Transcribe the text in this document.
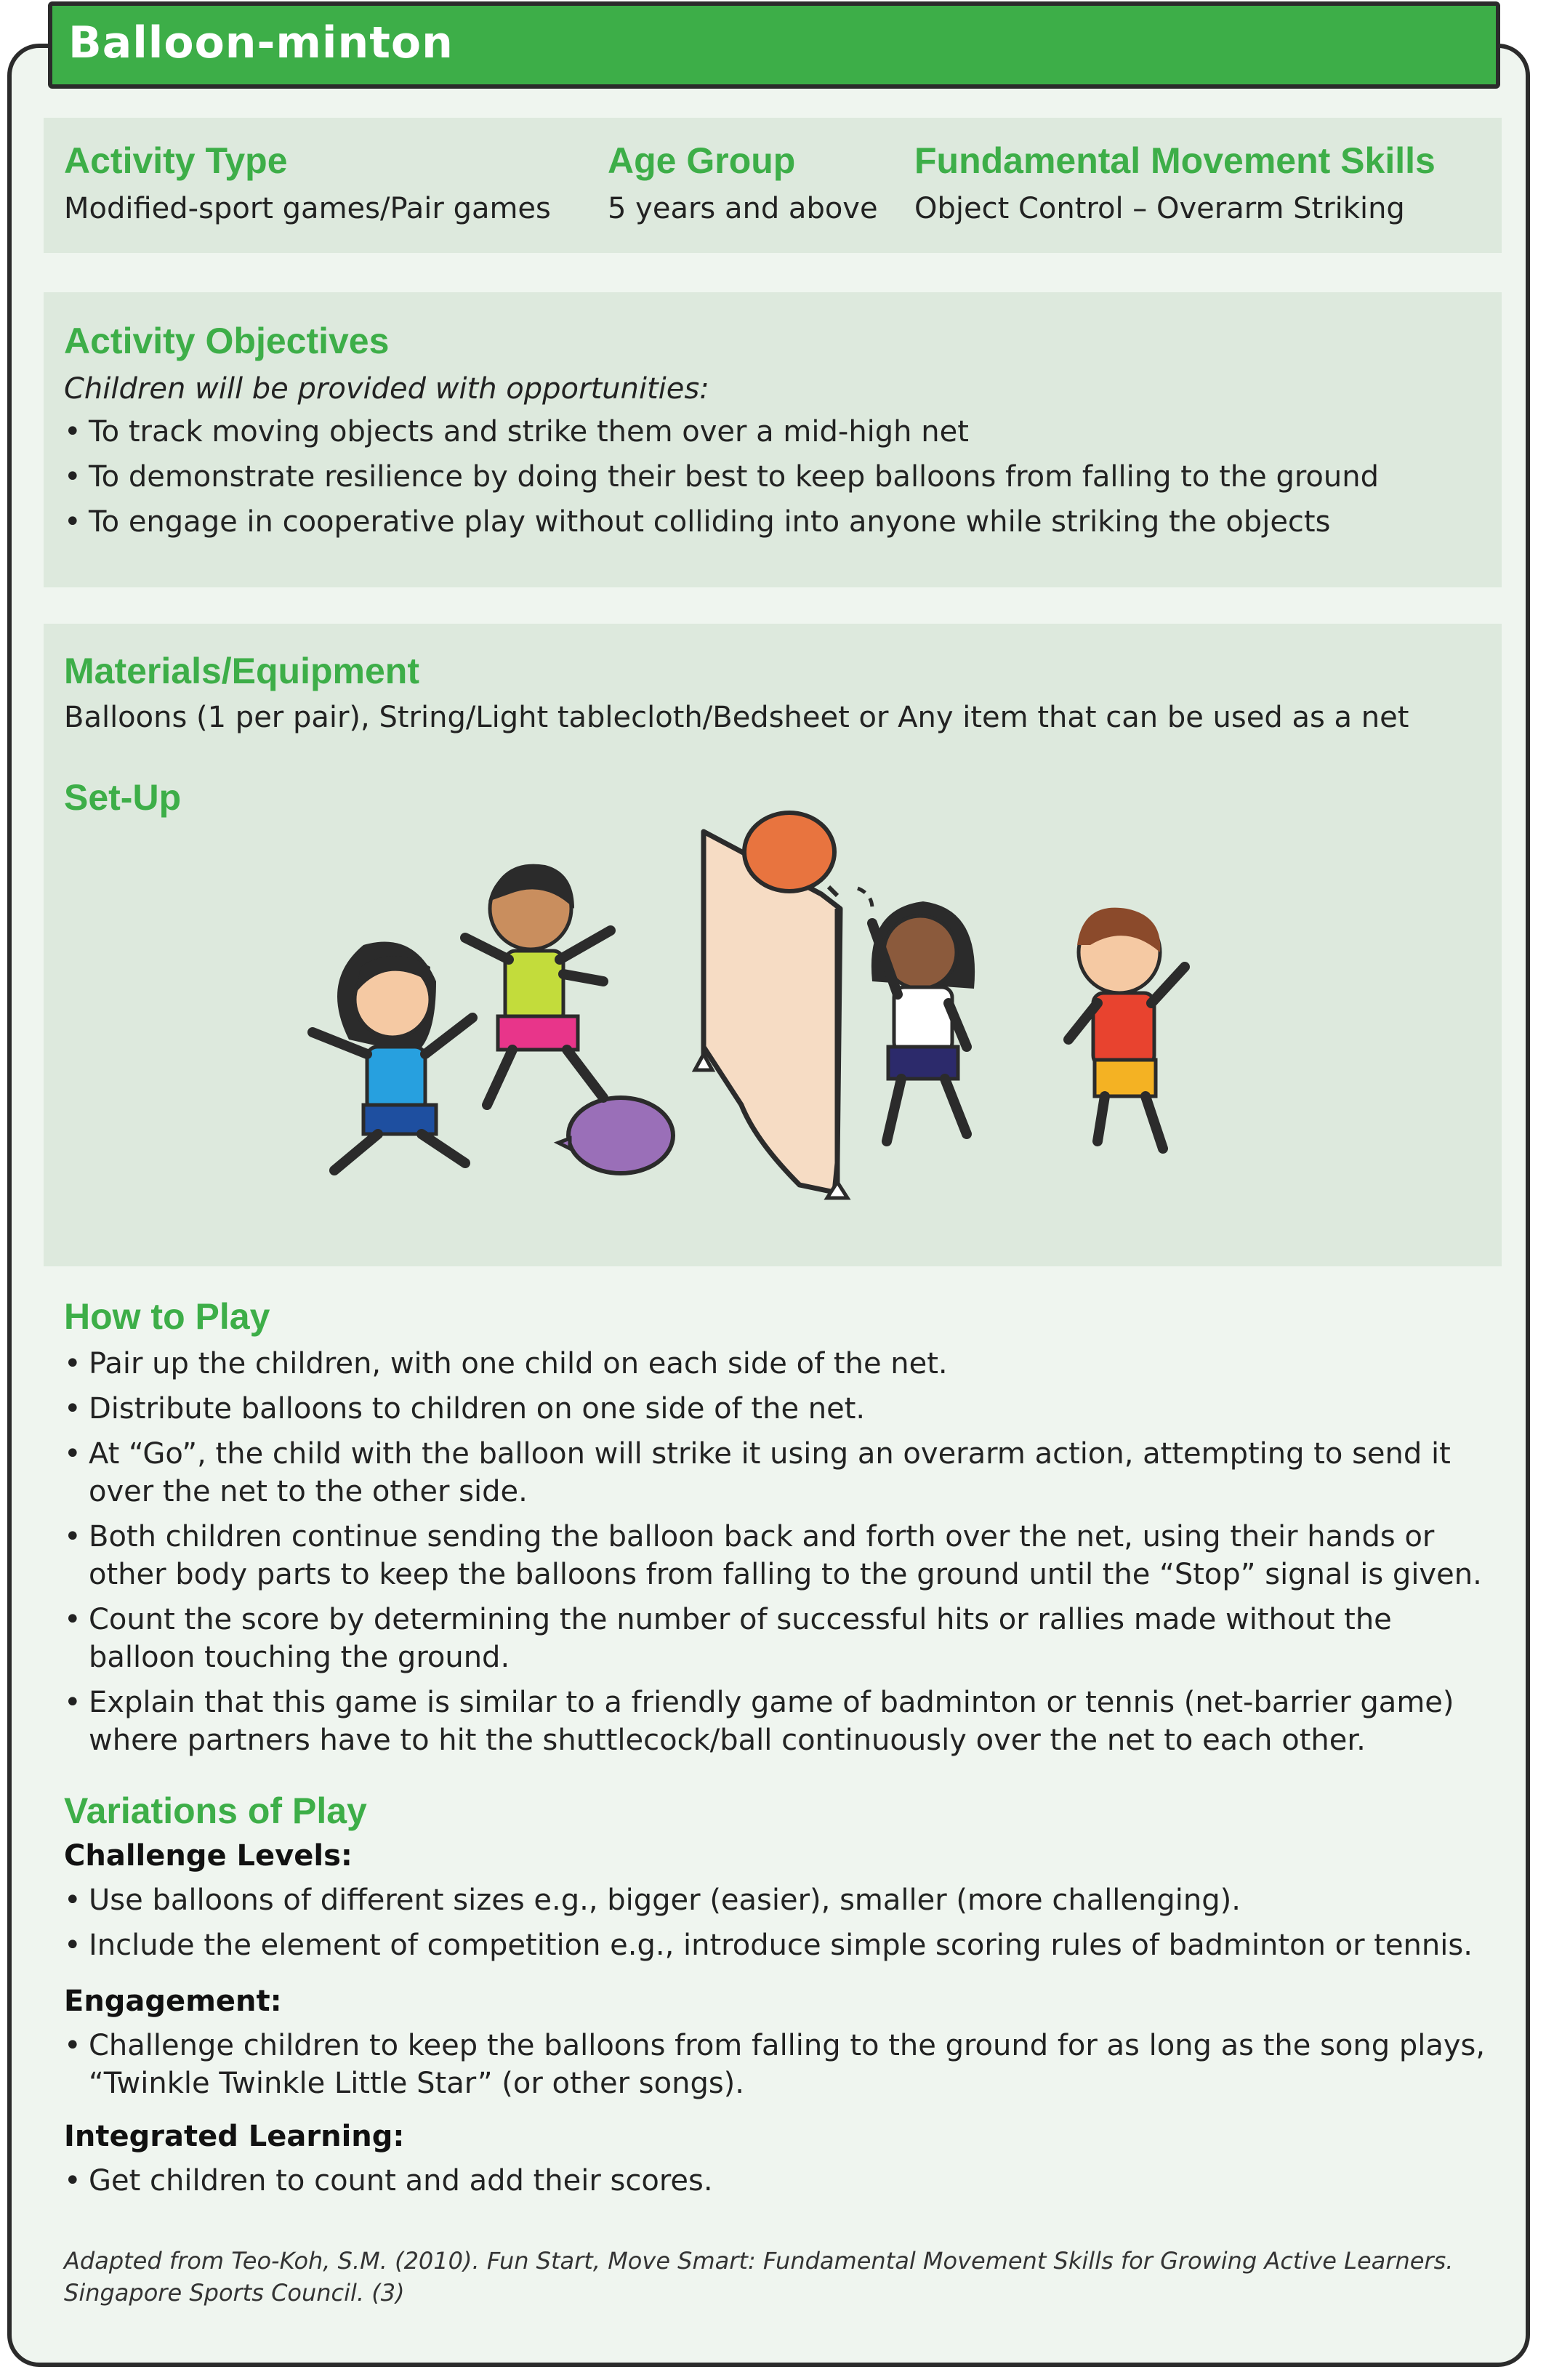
Balloon-minton
Activity Type
Modified-sport games/Pair games
Age Group
5 years and above
Fundamental Movement Skills
Object Control – Overarm Striking
Activity Objectives
Children will be provided with opportunities:
• To track moving objects and strike them over a mid-high net
• To demonstrate resilience by doing their best to keep balloons from falling to the ground
• To engage in cooperative play without colliding into anyone while striking the objects
Materials/Equipment
Balloons (1 per pair), String/Light tablecloth/Bedsheet or Any item that can be used as a net
Set-Up
How to Play
• Pair up the children, with one child on each side of the net.
• Distribute balloons to children on one side of the net.
• At “Go”, the child with the balloon will strike it using an overarm action, attempting to send it over the net to the other side.
• Both children continue sending the balloon back and forth over the net, using their hands or other body parts to keep the balloons from falling to the ground until the “Stop” signal is given.
• Count the score by determining the number of successful hits or rallies made without the balloon touching the ground.
• Explain that this game is similar to a friendly game of badminton or tennis (net-barrier game) where partners have to hit the shuttlecock/ball continuously over the net to each other.
Variations of Play
Challenge Levels:
• Use balloons of different sizes e.g., bigger (easier), smaller (more challenging).
• Include the element of competition e.g., introduce simple scoring rules of badminton or tennis.
Engagement:
• Challenge children to keep the balloons from falling to the ground for as long as the song plays, “Twinkle Twinkle Little Star” (or other songs).
Integrated Learning:
• Get children to count and add their scores.
Adapted from Teo-Koh, S.M. (2010). Fun Start, Move Smart: Fundamental Movement Skills for Growing Active Learners. Singapore Sports Council. (3)
